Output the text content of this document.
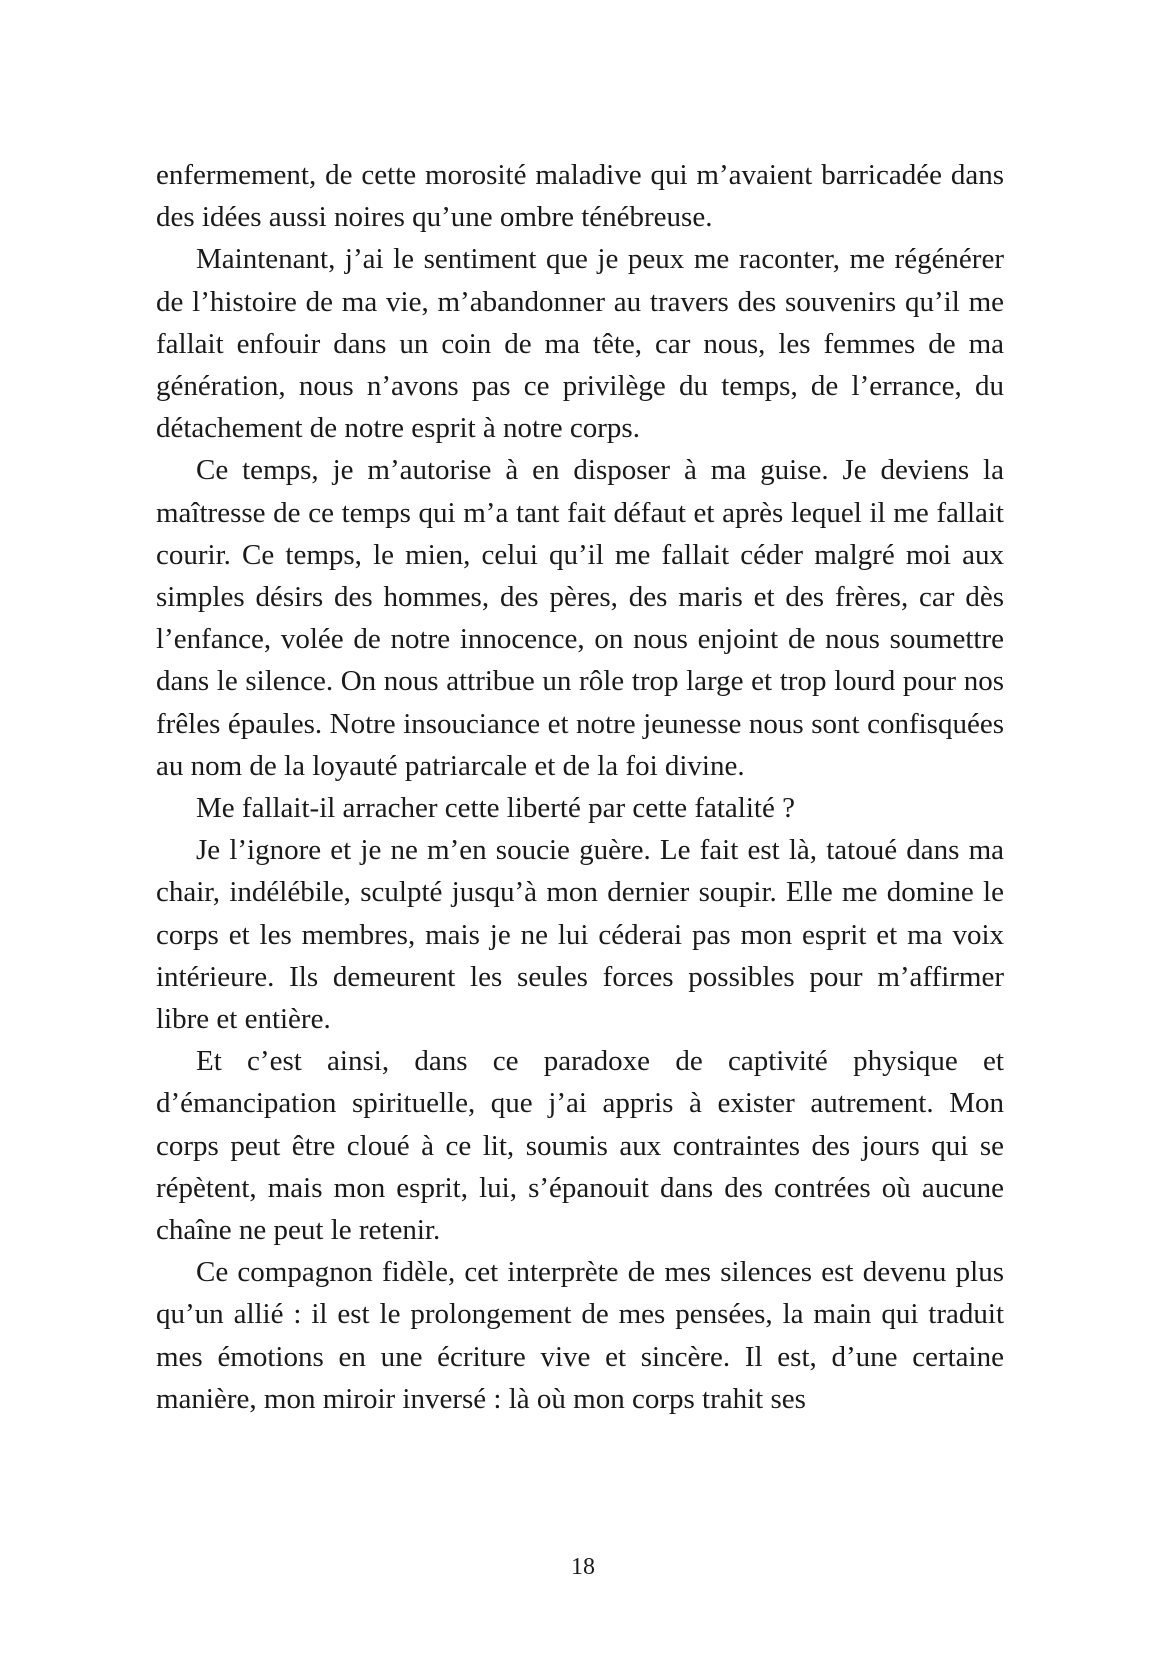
enfermement, de cette morosité maladive qui m’avaient barricadée dans des idées aussi noires qu’une ombre ténébreuse.

Maintenant, j’ai le sentiment que je peux me raconter, me régénérer de l’histoire de ma vie, m’abandonner au travers des souvenirs qu’il me fallait enfouir dans un coin de ma tête, car nous, les femmes de ma génération, nous n’avons pas ce privilège du temps, de l’errance, du détachement de notre esprit à notre corps.

Ce temps, je m’autorise à en disposer à ma guise. Je deviens la maîtresse de ce temps qui m’a tant fait défaut et après lequel il me fallait courir. Ce temps, le mien, celui qu’il me fallait céder malgré moi aux simples désirs des hommes, des pères, des maris et des frères, car dès l’enfance, volée de notre innocence, on nous enjoint de nous soumettre dans le silence. On nous attribue un rôle trop large et trop lourd pour nos frêles épaules. Notre insouciance et notre jeunesse nous sont confisquées au nom de la loyauté patriarcale et de la foi divine.

Me fallait-il arracher cette liberté par cette fatalité ?

Je l’ignore et je ne m’en soucie guère. Le fait est là, tatoué dans ma chair, indélébile, sculpté jusqu’à mon dernier soupir. Elle me domine le corps et les membres, mais je ne lui céderai pas mon esprit et ma voix intérieure. Ils demeurent les seules forces possibles pour m’affirmer libre et entière.

Et c’est ainsi, dans ce paradoxe de captivité physique et d’émancipation spirituelle, que j’ai appris à exister autrement. Mon corps peut être cloué à ce lit, soumis aux contraintes des jours qui se répètent, mais mon esprit, lui, s’épanouit dans des contrées où aucune chaîne ne peut le retenir.

Ce compagnon fidèle, cet interprète de mes silences est devenu plus qu’un allié : il est le prolongement de mes pensées, la main qui traduit mes émotions en une écriture vive et sincère. Il est, d’une certaine manière, mon miroir inversé : là où mon corps trahit ses

18
